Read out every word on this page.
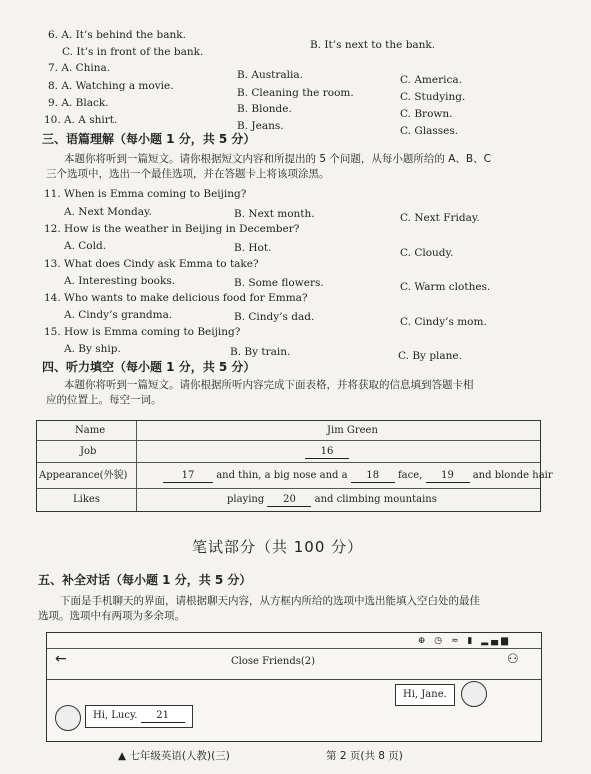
6. A. It’s behind the bank.
C. It’s in front of the bank.
B. It’s next to the bank.
7. A. China.
B. Australia.	C. America.
8. A. Watching a movie.
B. Cleaning the room.	C. Studying.
9. A. Black.	B. Blonde.	C. Brown.
10. A. A shirt.	B. Jeans.	C. Glasses.
三、语篇理解（每小题 1 分，共 5 分）
本题你将听到一篇短文。请你根据短文内容和所提出的 5 个问题，从每小题所给的 A、B、C
三个选项中，选出一个最佳选项，并在答题卡上将该项涂黑。
11. When is Emma coming to Beijing?
A. Next Monday.	B. Next month.	C. Next Friday.
12. How is the weather in Beijing in December?
A. Cold.	B. Hot.	C. Cloudy.
13. What does Cindy ask Emma to take?
A. Interesting books.	B. Some flowers.	C. Warm clothes.
14. Who wants to make delicious food for Emma?
A. Cindy’s grandma.	B. Cindy’s dad.	C. Cindy’s mom.
15. How is Emma coming to Beijing?
A. By ship.	B. By train.	C. By plane.
四、听力填空（每小题 1 分，共 5 分）
本题你将听到一篇短文。请你根据所听内容完成下面表格，并将获取的信息填到答题卡相
应的位置上。每空一词。
Name	Jim Green
Job	16
Appearance(外貌)	17 and thin, a big nose and a 18 face, 19 and blonde hair
Likes	playing 20 and climbing mountains
笔试部分（共 100 分）
五、补全对话（每小题 1 分，共 5 分）
下面是手机聊天的界面，请根据聊天内容，从方框内所给的选项中选出能填入空白处的最佳
选项。选项中有两项为多余项。
⊕ ◷ ≈ ▮ ▂▄▆
←	Close Friends(2)	⚇
Hi, Jane.
Hi, Lucy. 21
▲ 七年级英语(人教)(三)	第 2 页(共 8 页)
